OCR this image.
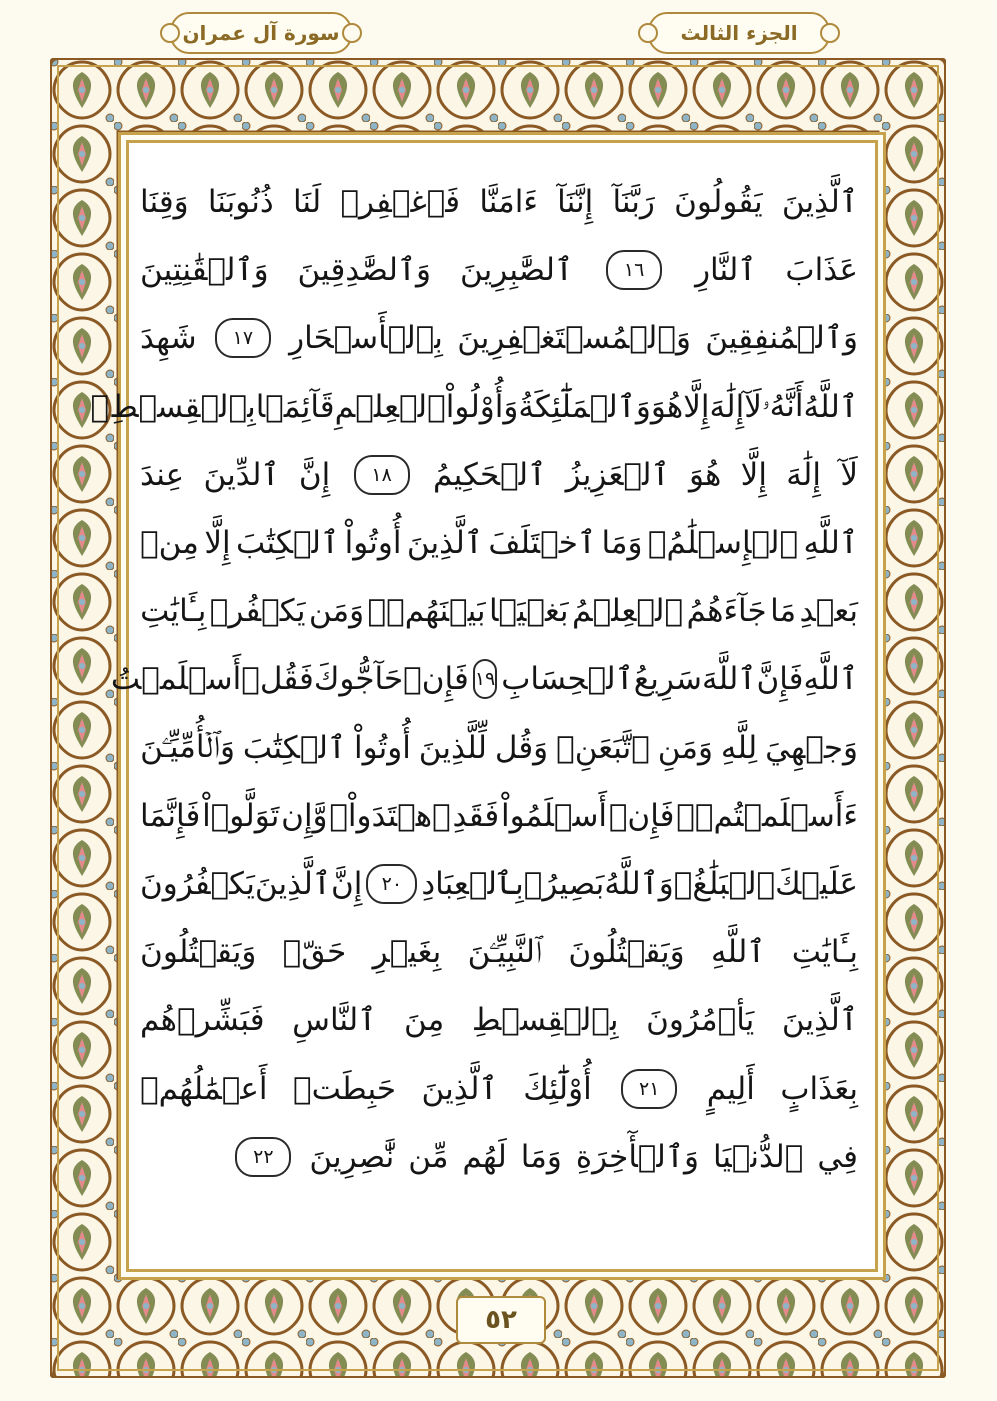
الجزء الثالث
سورة آل عمران
ٱلَّذِينَ
يَقُولُونَ
رَبَّنَآ
إِنَّنَآ
ءَامَنَّا
فَٱغۡفِرۡ
لَنَا
ذُنُوبَنَا
وَقِنَا
عَذَابَ
ٱلنَّارِ
١٦
ٱلصَّٰبِرِينَ
وَٱلصَّٰدِقِينَ
وَٱلۡقَٰنِتِينَ
وَٱلۡمُنفِقِينَ
وَٱلۡمُسۡتَغۡفِرِينَ
بِٱلۡأَسۡحَارِ
١٧
شَهِدَ
ٱللَّهُ
أَنَّهُۥ
لَآ
إِلَٰهَ
إِلَّا
هُوَ
وَٱلۡمَلَٰٓئِكَةُ
وَأُوْلُواْ
ٱلۡعِلۡمِ
قَآئِمَۢا
بِٱلۡقِسۡطِۚ
لَآ
إِلَٰهَ
إِلَّا
هُوَ
ٱلۡعَزِيزُ
ٱلۡحَكِيمُ
١٨
إِنَّ
ٱلدِّينَ
عِندَ
ٱللَّهِ
ٱلۡإِسۡلَٰمُۗ
وَمَا
ٱخۡتَلَفَ
ٱلَّذِينَ
أُوتُواْ
ٱلۡكِتَٰبَ
إِلَّا
مِنۢ
بَعۡدِ
مَا
جَآءَهُمُ
ٱلۡعِلۡمُ
بَغۡيَۢا
بَيۡنَهُمۡۗ
وَمَن
يَكۡفُرۡ
بِـَٔايَٰتِ
ٱللَّهِ
فَإِنَّ
ٱللَّهَ
سَرِيعُ
ٱلۡحِسَابِ
١٩
فَإِنۡ
حَآجُّوكَ
فَقُلۡ
أَسۡلَمۡتُ
وَجۡهِيَ
لِلَّهِ
وَمَنِ
ٱتَّبَعَنِۗ
وَقُل
لِّلَّذِينَ
أُوتُواْ
ٱلۡكِتَٰبَ
وَٱلۡأُمِّيِّـۧنَ
ءَأَسۡلَمۡتُمۡۚ
فَإِنۡ
أَسۡلَمُواْ
فَقَدِ
ٱهۡتَدَواْۖ
وَّإِن
تَوَلَّوۡاْ
فَإِنَّمَا
عَلَيۡكَ
ٱلۡبَلَٰغُۗ
وَٱللَّهُ
بَصِيرُۢ
بِٱلۡعِبَادِ
٢٠
إِنَّ
ٱلَّذِينَ
يَكۡفُرُونَ
بِـَٔايَٰتِ
ٱللَّهِ
وَيَقۡتُلُونَ
ٱلنَّبِيِّـۧنَ
بِغَيۡرِ
حَقّٖ
وَيَقۡتُلُونَ
ٱلَّذِينَ
يَأۡمُرُونَ
بِٱلۡقِسۡطِ
مِنَ
ٱلنَّاسِ
فَبَشِّرۡهُم
بِعَذَابٍ
أَلِيمٍ
٢١
أُوْلَٰٓئِكَ
ٱلَّذِينَ
حَبِطَتۡ
أَعۡمَٰلُهُمۡ
فِي
ٱلدُّنۡيَا
وَٱلۡأٓخِرَةِ
وَمَا
لَهُم
مِّن
نَّٰصِرِينَ
٢٢
٥٢
